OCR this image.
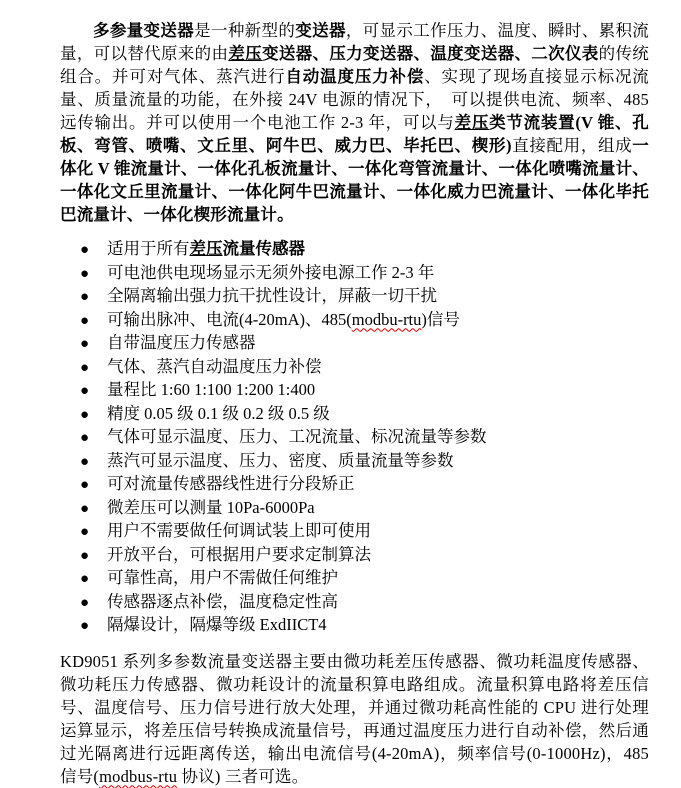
多参量变送器是一种新型的变送器，可显示工作压力、温度、瞬时、累积流量，可以替代原来的由差压变送器、压力变送器、温度变送器、二次仪表的传统组合。并可对气体、蒸汽进行自动温度压力补偿、实现了现场直接显示标况流量、质量流量的功能，在外接 24V 电源的情况下，　可以提供电流、频率、485 远传输出。并可以使用一个电池工作 2-3 年，可以与差压类节流装置(V 锥、孔板、弯管、喷嘴、文丘里、阿牛巴、威力巴、毕托巴、楔形)直接配用，组成一体化 V 锥流量计、一体化孔板流量计、一体化弯管流量计、一体化喷嘴流量计、一体化文丘里流量计、一体化阿牛巴流量计、一体化威力巴流量计、一体化毕托巴流量计、一体化楔形流量计。

●	适用于所有差压流量传感器
●	可电池供电现场显示无须外接电源工作 2-3 年
●	全隔离输出强力抗干扰性设计，屏蔽一切干扰
●	可输出脉冲、电流(4-20mA)、485(modbu-rtu)信号
●	自带温度压力传感器
●	气体、蒸汽自动温度压力补偿
●	量程比 1:60 1:100 1:200 1:400
●	精度 0.05 级 0.1 级 0.2 级 0.5 级
●	气体可显示温度、压力、工况流量、标况流量等参数
●	蒸汽可显示温度、压力、密度、质量流量等参数
●	可对流量传感器线性进行分段矫正
●	微差压可以测量 10Pa-6000Pa
●	用户不需要做任何调试装上即可使用
●	开放平台，可根据用户要求定制算法
●	可靠性高，用户不需做任何维护
●	传感器逐点补偿，温度稳定性高
●	隔爆设计，隔爆等级 ExdIICT4

KD9051 系列多参数流量变送器主要由微功耗差压传感器、微功耗温度传感器、微功耗压力传感器、微功耗设计的流量积算电路组成。流量积算电路将差压信号、温度信号、压力信号进行放大处理，并通过微功耗高性能的 CPU 进行处理运算显示，将差压信号转换成流量信号，再通过温度压力进行自动补偿，然后通过光隔离进行远距离传送，输出电流信号(4-20mA)，频率信号(0-1000Hz)，485 信号(modbus-rtu 协议) 三者可选。
